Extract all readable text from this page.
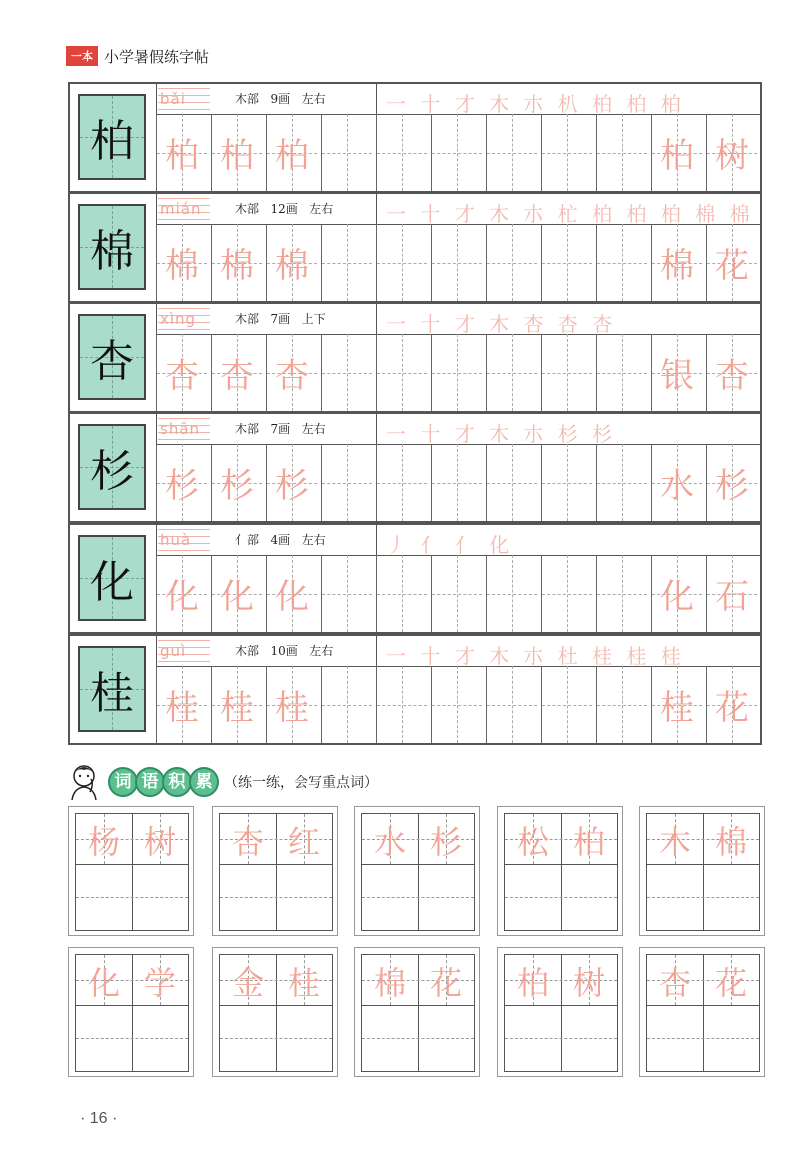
一本 小学暑假练字帖
柏
bǎi	木部 9画 左右	一 十 才 木 朩 朳 柏 柏 柏
柏 柏 柏	柏 树
棉
mián	木部 12画 左右	一 十 才 木 朩 杧 柏 柏 柏 棉 棉
棉 棉 棉	棉 花
杏
xìng	木部 7画 上下	一 十 才 木 杏 杏 杏
杏 杏 杏	银 杏
杉
shān	木部 7画 左右	一 十 才 木 朩 杉 杉
杉 杉 杉	水 杉
化
huà	亻部 4画 左右	丿 亻 亻 化
化 化 化	化 石
桂
guì	木部 10画 左右	一 十 才 木 朩 杜 桂 桂 桂
桂 桂 桂	桂 花
词 语 积 累 （练一练，会写重点词）
杨 树	杏 红	水 杉	松 柏	木 棉
化 学	金 桂	棉 花	柏 树	杏 花
· 16 ·
